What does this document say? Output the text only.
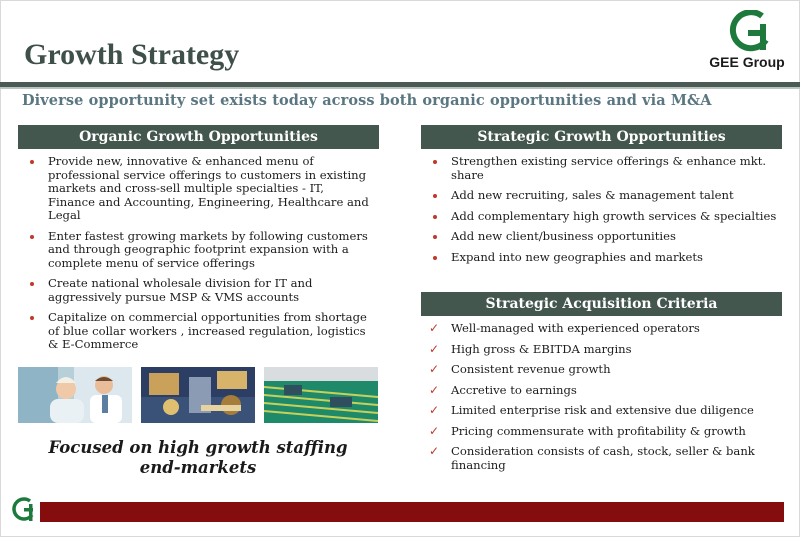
Growth Strategy	GEE Group
Diverse opportunity set exists today across both organic opportunities and via M&A
Organic Growth Opportunities
Provide new, innovative & enhanced menu of professional service offerings to customers in existing markets and cross-sell multiple specialties - IT, Finance and Accounting, Engineering, Healthcare and Legal
Enter fastest growing markets by following customers and through geographic footprint expansion with a complete menu of service offerings
Create national wholesale division for IT and aggressively pursue MSP & VMS accounts
Capitalize on commercial opportunities from shortage of blue collar workers , increased regulation, logistics & E-Commerce
Focused on high growth staffing
end-markets
Strategic Growth Opportunities
Strengthen existing service offerings & enhance mkt. share
Add new recruiting, sales & management talent
Add complementary high growth services & specialties
Add new client/business opportunities
Expand into new geographies and markets
Strategic Acquisition Criteria
✓ Well-managed with experienced operators
✓ High gross & EBITDA margins
✓ Consistent revenue growth
✓ Accretive to earnings
✓ Limited enterprise risk and extensive due diligence
✓ Pricing commensurate with profitability & growth
✓ Consideration consists of cash, stock, seller & bank financing
